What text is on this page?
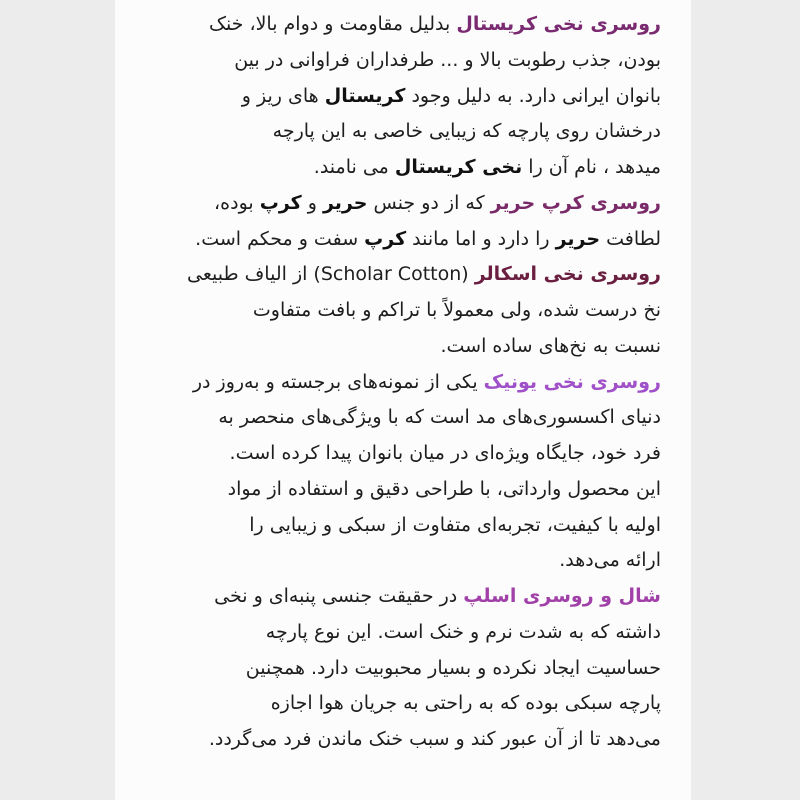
روسری نخی کریستال بدلیل مقاومت و دوام بالا، خنک
بودن، جذب رطوبت بالا و ... طرفداران فراوانی در بین
بانوان ایرانی دارد. به دلیل وجود کریستال های ریز و
درخشان روی پارچه که زیبایی خاصی به این پارچه
میدهد ، نام آن را نخی کریستال می نامند.
روسری کرپ حریر که از دو جنس حریر و کرپ بوده،
لطافت حریر را دارد و اما مانند کرپ سفت و محکم است.
روسری نخی اسکالر (Scholar Cotton) از الیاف طبیعی
نخ درست شده، ولی معمولاً با تراکم و بافت متفاوت
نسبت به نخ‌های ساده است.
روسری نخی یونیک یکی از نمونه‌های برجسته و به‌روز در
دنیای اکسسوری‌های مد است که با ویژگی‌های منحصر به
فرد خود، جایگاه ویژه‌ای در میان بانوان پیدا کرده است.
این محصول وارداتی، با طراحی دقیق و استفاده از مواد
اولیه با کیفیت، تجربه‌ای متفاوت از سبکی و زیبایی را
ارائه می‌دهد.
شال و روسری اسلپ در حقیقت جنسی پنبه‌ای و نخی
داشته که به شدت نرم و خنک است. این نوع پارچه
حساسیت ایجاد نکرده و بسیار محبوبیت دارد. همچنین
پارچه سبکی بوده که به راحتی به جریان هوا اجازه
می‌دهد تا از آن عبور کند و سبب خنک ماندن فرد می‌گردد.
